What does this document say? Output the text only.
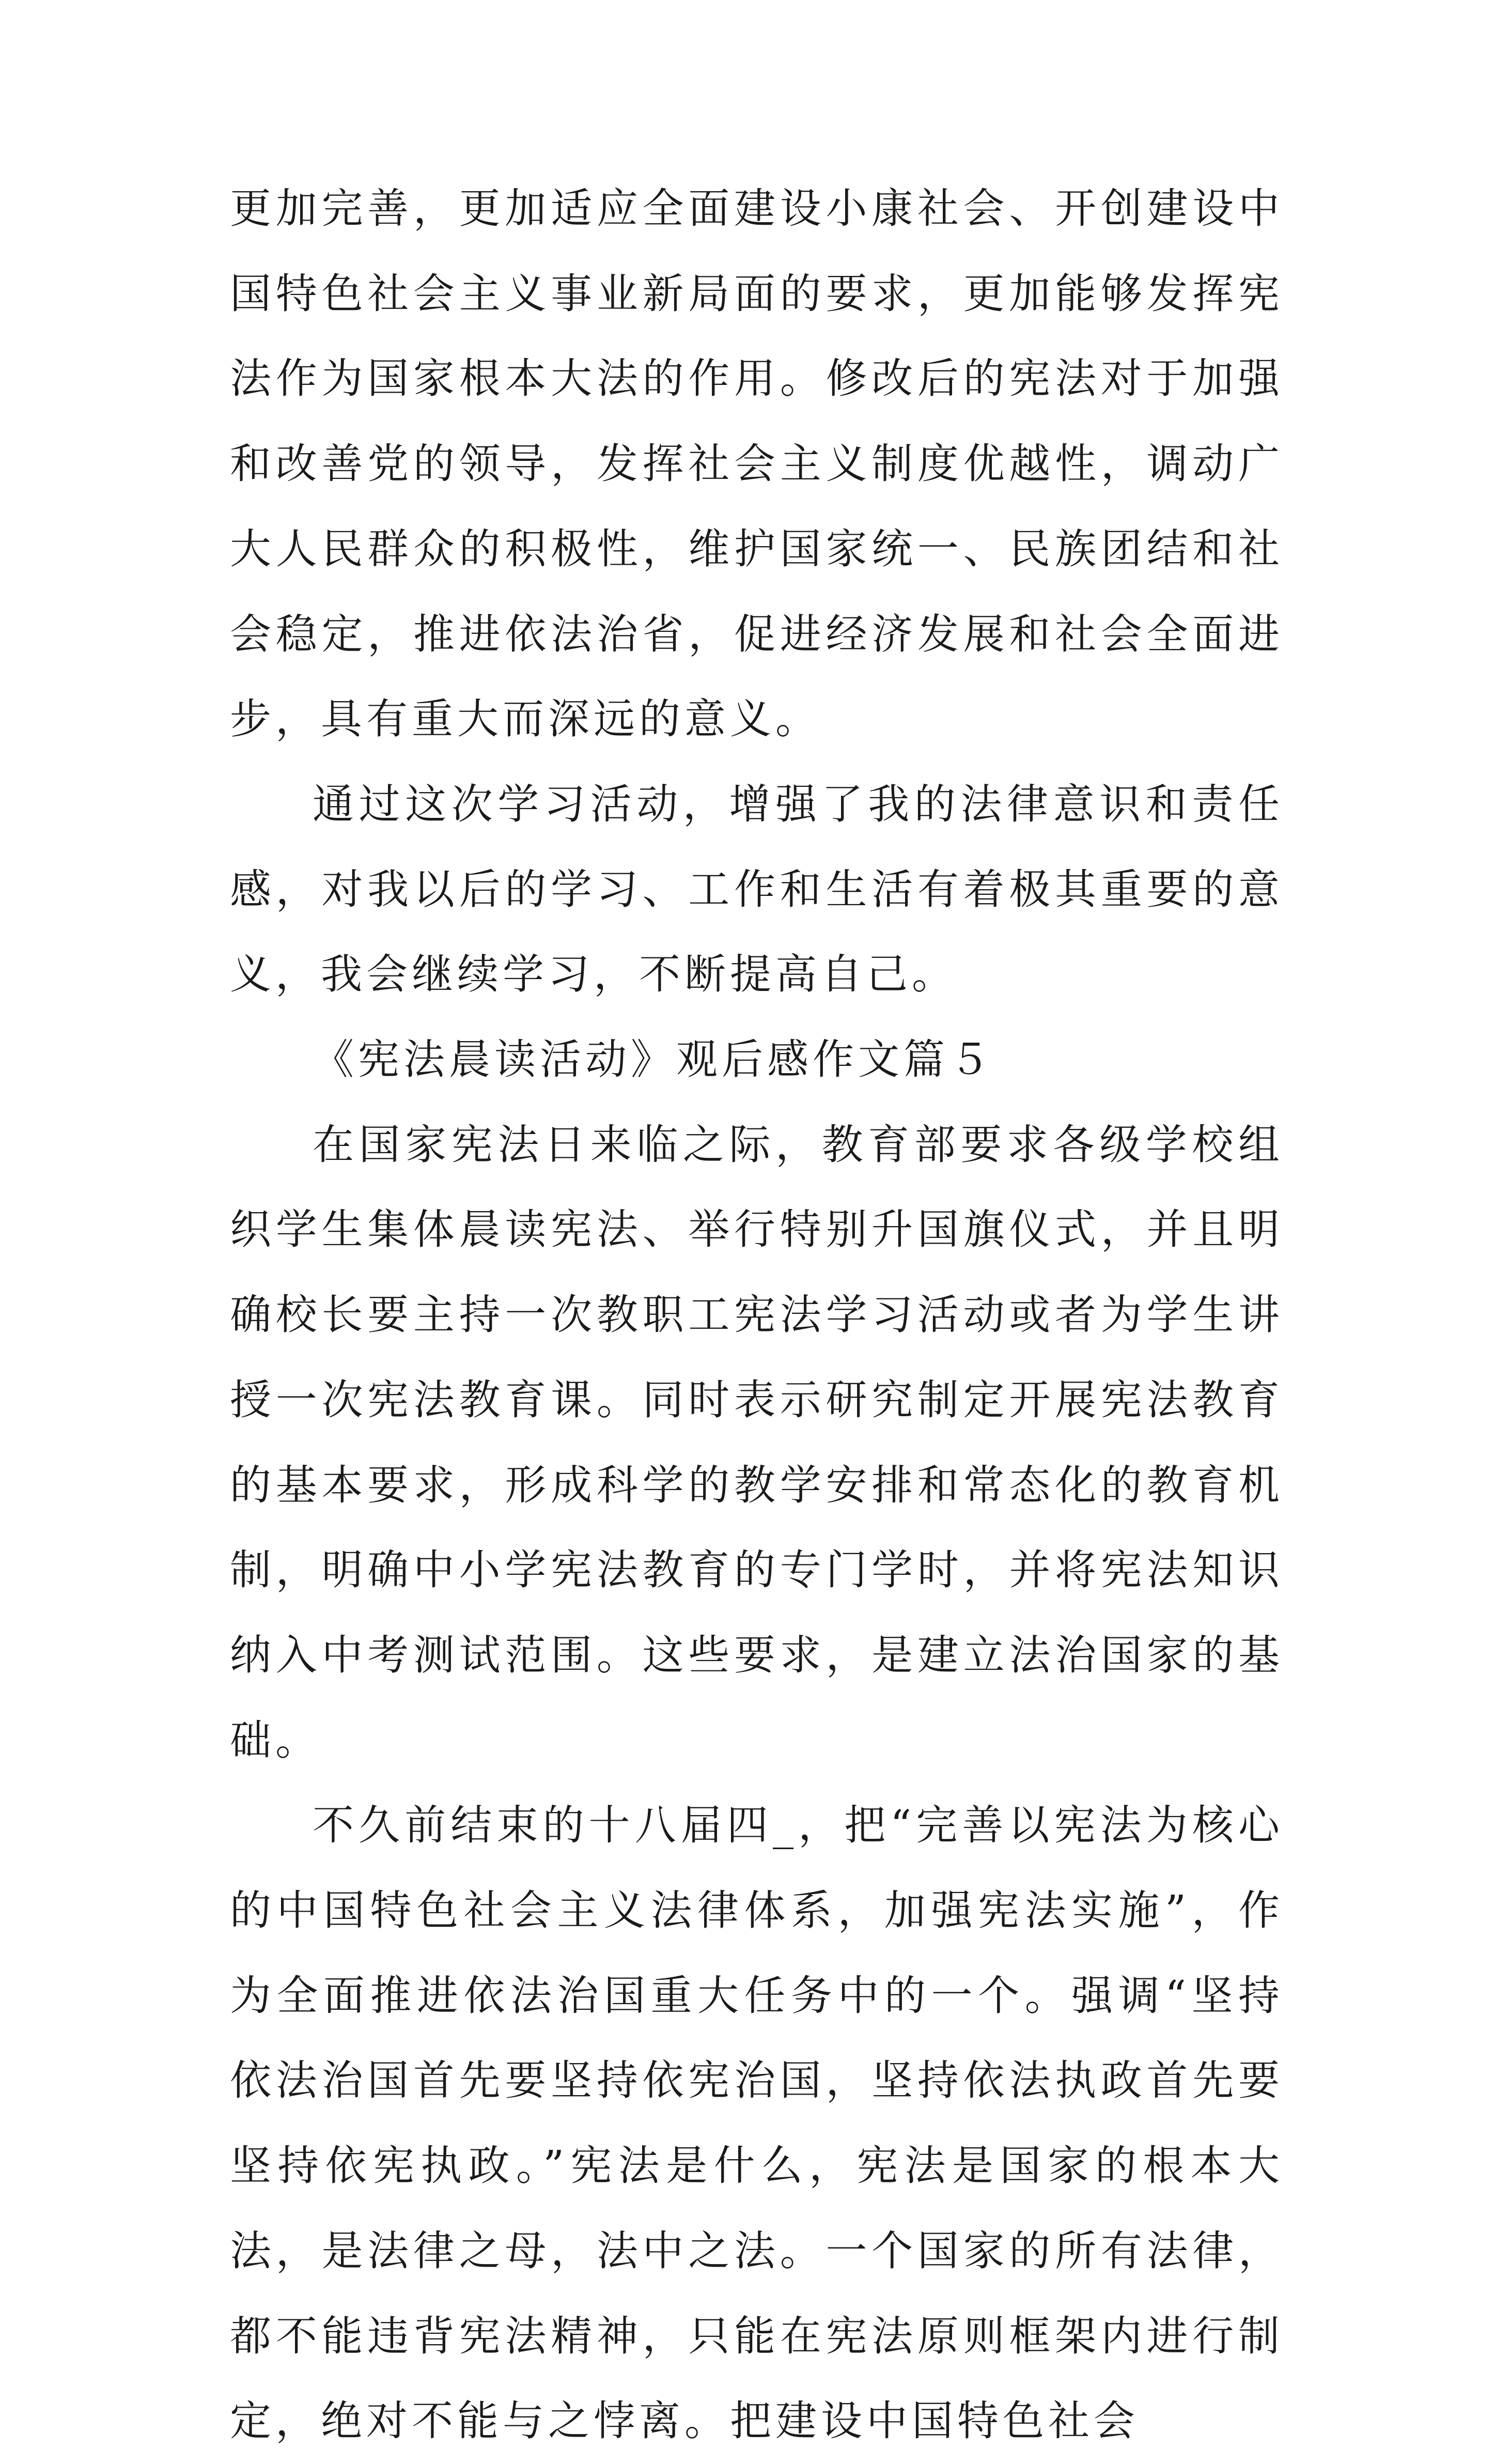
更加完善，更加适应全面建设小康社会、开创建设中国特色社会主义事业新局面的要求，更加能够发挥宪法作为国家根本大法的作用。修改后的宪法对于加强和改善党的领导，发挥社会主义制度优越性，调动广大人民群众的积极性，维护国家统一、民族团结和社会稳定，推进依法治省，促进经济发展和社会全面进步，具有重大而深远的意义。

通过这次学习活动，增强了我的法律意识和责任感，对我以后的学习、工作和生活有着极其重要的意义，我会继续学习，不断提高自己。

《宪法晨读活动》观后感作文篇５

在国家宪法日来临之际，教育部要求各级学校组织学生集体晨读宪法、举行特别升国旗仪式，并且明确校长要主持一次教职工宪法学习活动或者为学生讲授一次宪法教育课。同时表示研究制定开展宪法教育的基本要求，形成科学的教学安排和常态化的教育机制，明确中小学宪法教育的专门学时，并将宪法知识纳入中考测试范围。这些要求，是建立法治国家的基础。

不久前结束的十八届四_，把“完善以宪法为核心的中国特色社会主义法律体系，加强宪法实施”，作为全面推进依法治国重大任务中的一个。强调“坚持依法治国首先要坚持依宪治国，坚持依法执政首先要坚持依宪执政。”宪法是什么，宪法是国家的根本大法，是法律之母，法中之法。一个国家的所有法律，都不能违背宪法精神，只能在宪法原则框架内进行制定，绝对不能与之悖离。把建设中国特色社会
